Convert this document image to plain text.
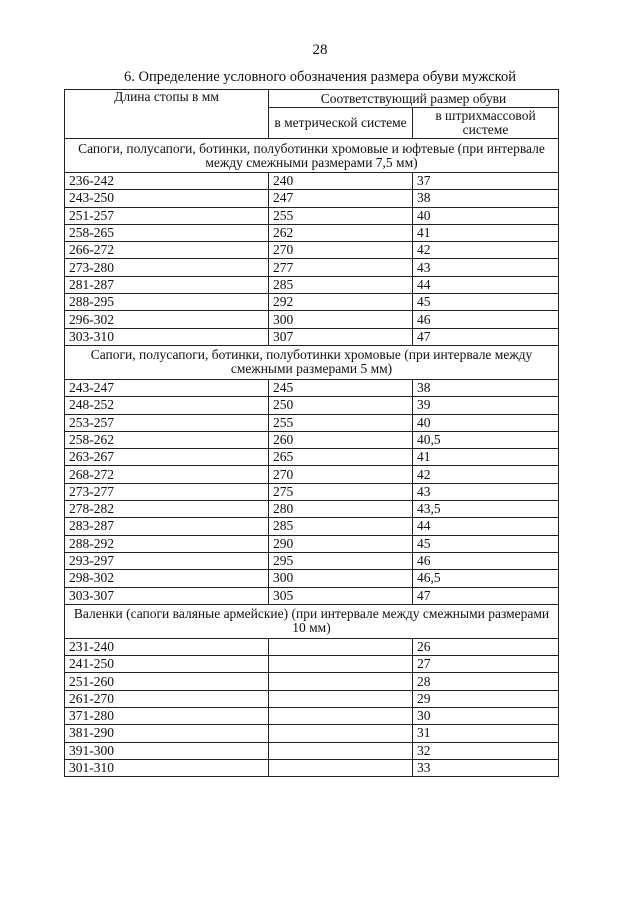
28
6. Определение условного обозначения размера обуви мужской
Длина стопы в мм	Соответствующий размер обуви	
	в метрической системе	в штрихмассовой системе
Сапоги, полусапоги, ботинки, полуботинки хромовые и юфтевые (при интервале между смежными размерами 7,5 мм)		
236-242	240	37
243-250	247	38
251-257	255	40
258-265	262	41
266-272	270	42
273-280	277	43
281-287	285	44
288-295	292	45
296-302	300	46
303-310	307	47
Сапоги, полусапоги, ботинки, полуботинки хромовые (при интервале между смежными размерами 5 мм)		
243-247	245	38
248-252	250	39
253-257	255	40
258-262	260	40,5
263-267	265	41
268-272	270	42
273-277	275	43
278-282	280	43,5
283-287	285	44
288-292	290	45
293-297	295	46
298-302	300	46,5
303-307	305	47
Валенки (сапоги валяные армейские) (при интервале между смежными размерами 10 мм)		
231-240		26
241-250		27
251-260		28
261-270		29
371-280		30
381-290		31
391-300		32
301-310		33
